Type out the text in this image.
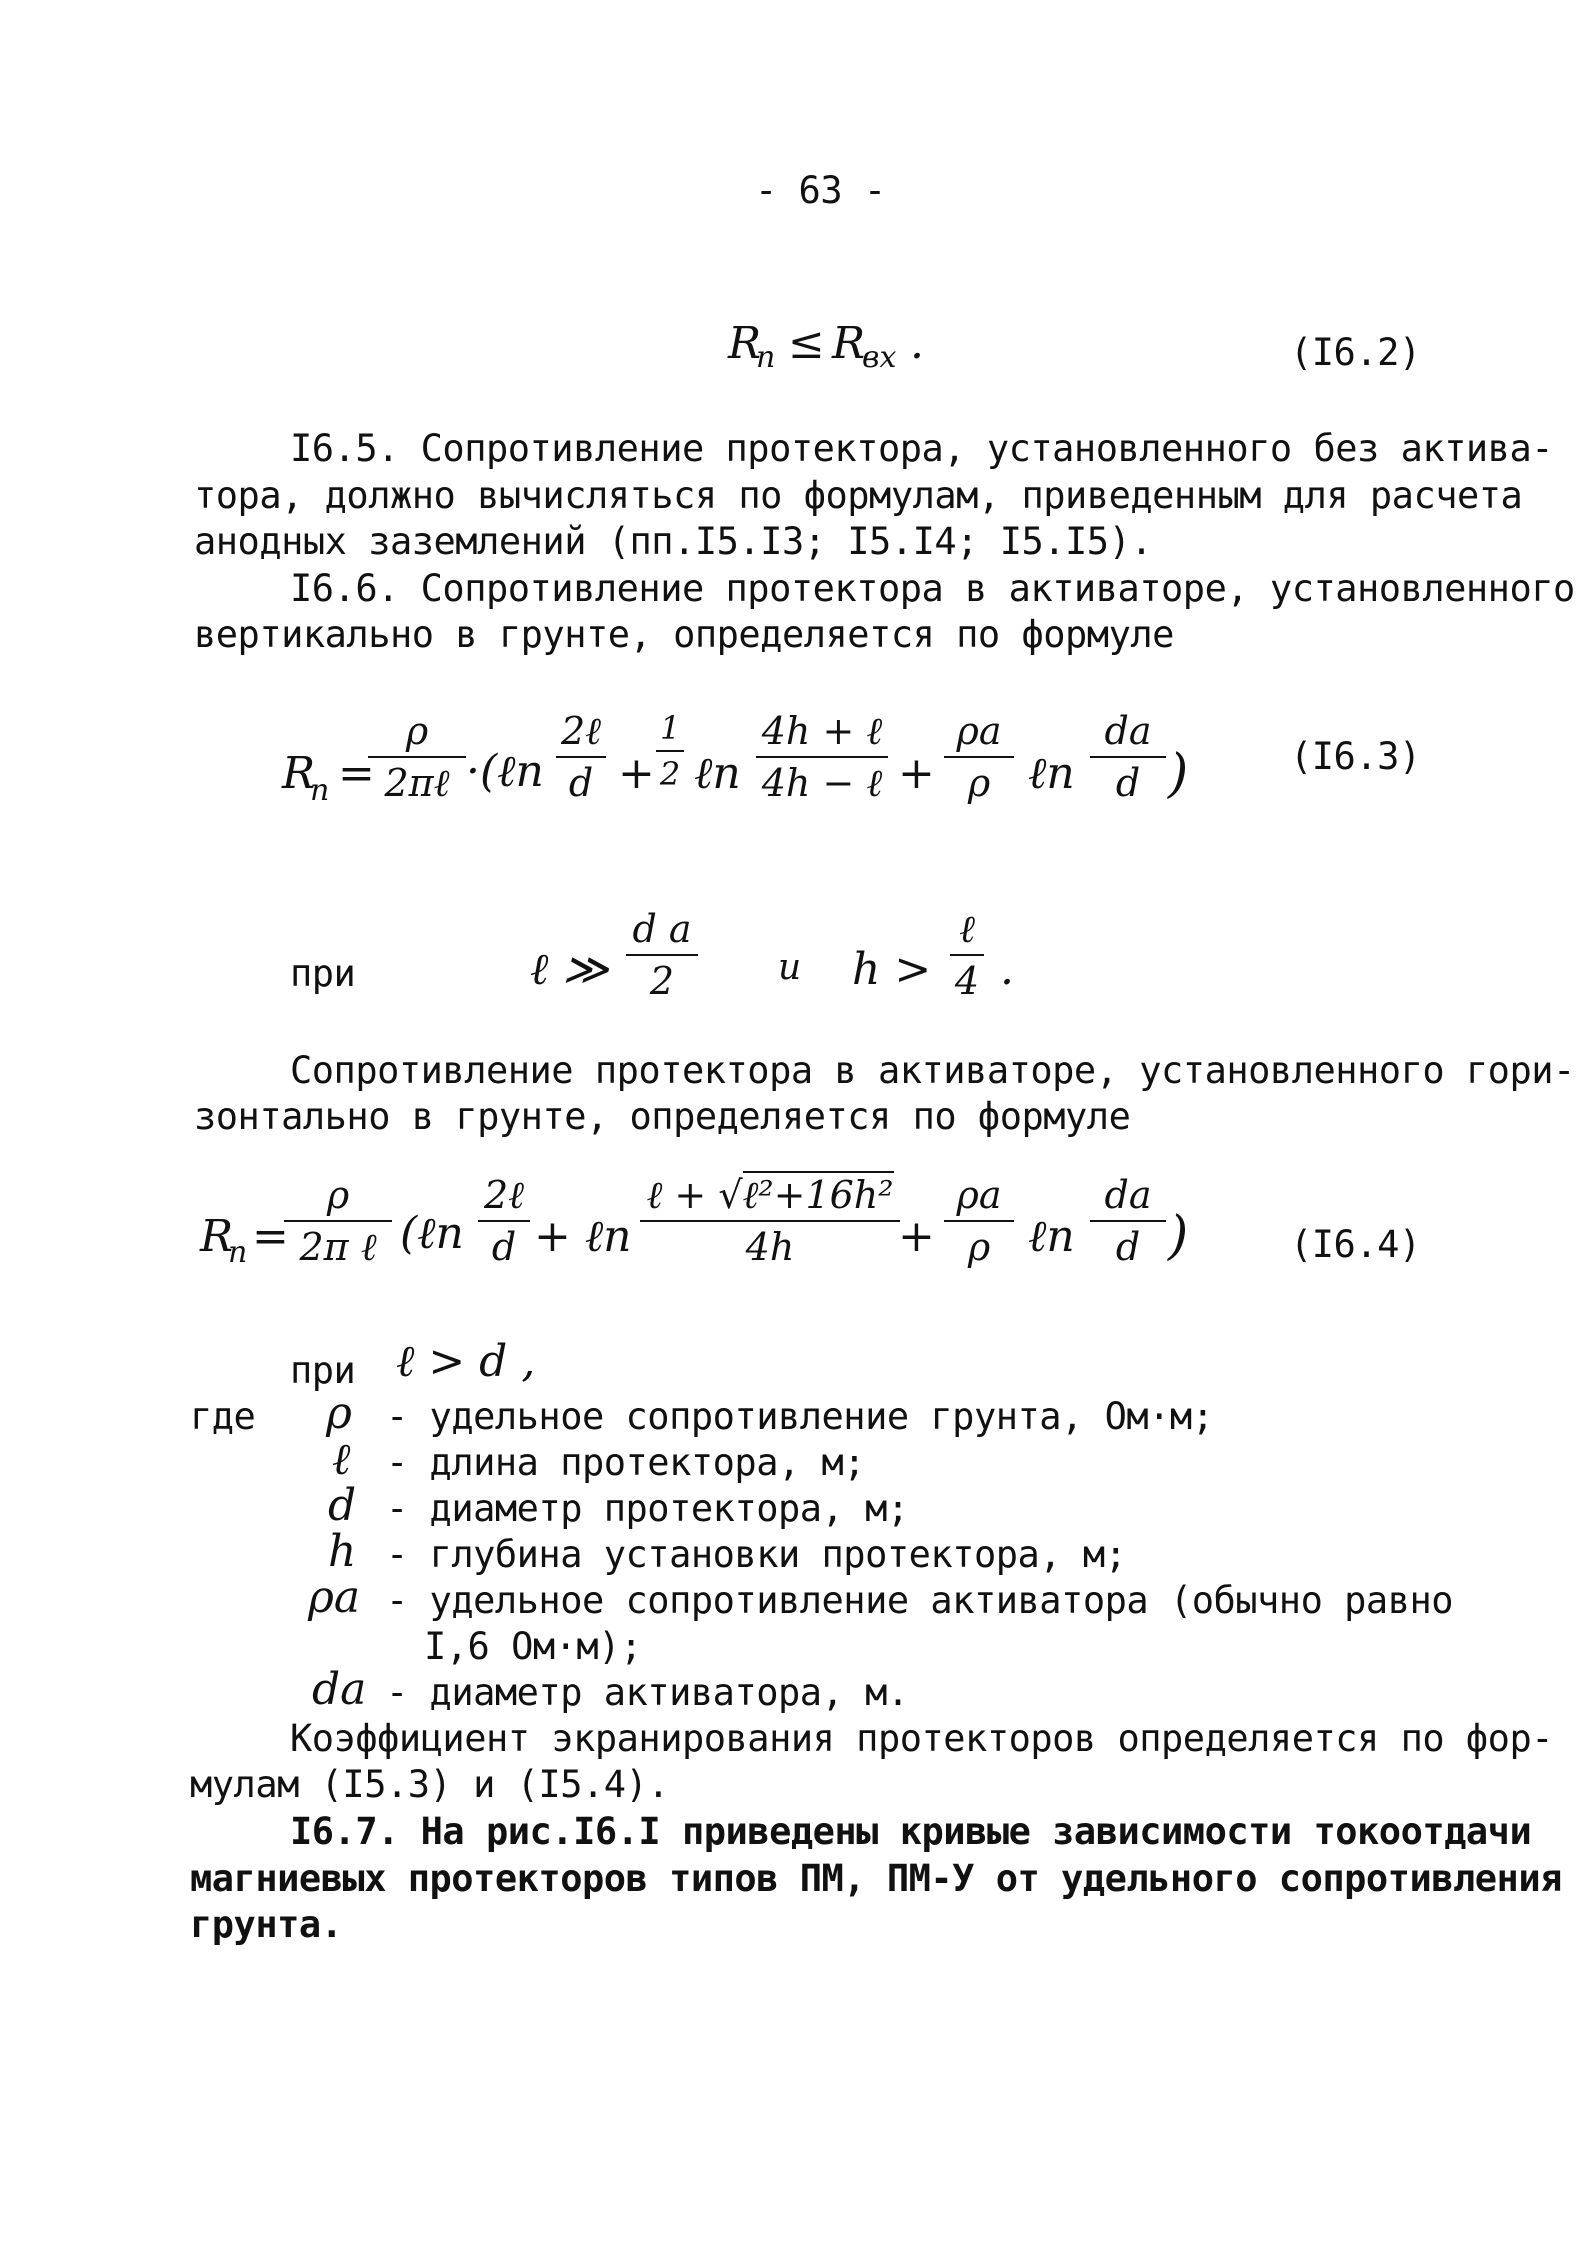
- 63 -
R
n ≤ R
вх .	(I6.2)
I6.5. Сопротивление протектора, установленного без актива-
тора, должно вычисляться по формулам, приведенным для расчета
анодных заземлений (пп.I5.I3; I5.I4; I5.I5).
I6.6. Сопротивление протектора в активаторе, установленного
вертикально в грунте, определяется по формуле
R
n =
ρ
2πℓ ·(ℓn
2ℓ
$d + \frac{1}{2}$ ℓn
4h + ℓ
4h − ℓ + $\frac{\rho a}{\rho}$ ℓn $\frac{da}{d}$ )	(I6.3)
при	ℓ ≫ $\frac{\text{d a}}{2}$ и h >
ℓ
4 .
Сопротивление протектора в активаторе, установленного гори-
зонтально в грунте, определяется по формуле
R
n =
ρ
2π ℓ (ℓn
2ℓ
d + ℓn
ℓ + √ℓ²+16h²
4h	+ $\frac{\rho a}{\rho}$ ℓn $\frac{da}{d}$ )	(I6.4)
при ℓ > d ,
где ρ - удельное сопротивление грунта, Ом·м;
ℓ - длина протектора, м;
d - диаметр протектора, м;
h - глубина установки протектора, м;
ρa - удельное сопротивление активатора (обычно равно
I,6 Ом·м);
da - диаметр активатора, м.
Коэффициент экранирования протекторов определяется по фор-
мулам (I5.3) и (I5.4).
I6.7. На рис.I6.I приведены кривые зависимости токоотдачи
магниевых протекторов типов ПМ, ПМ-У от удельного сопротивления
грунта.
